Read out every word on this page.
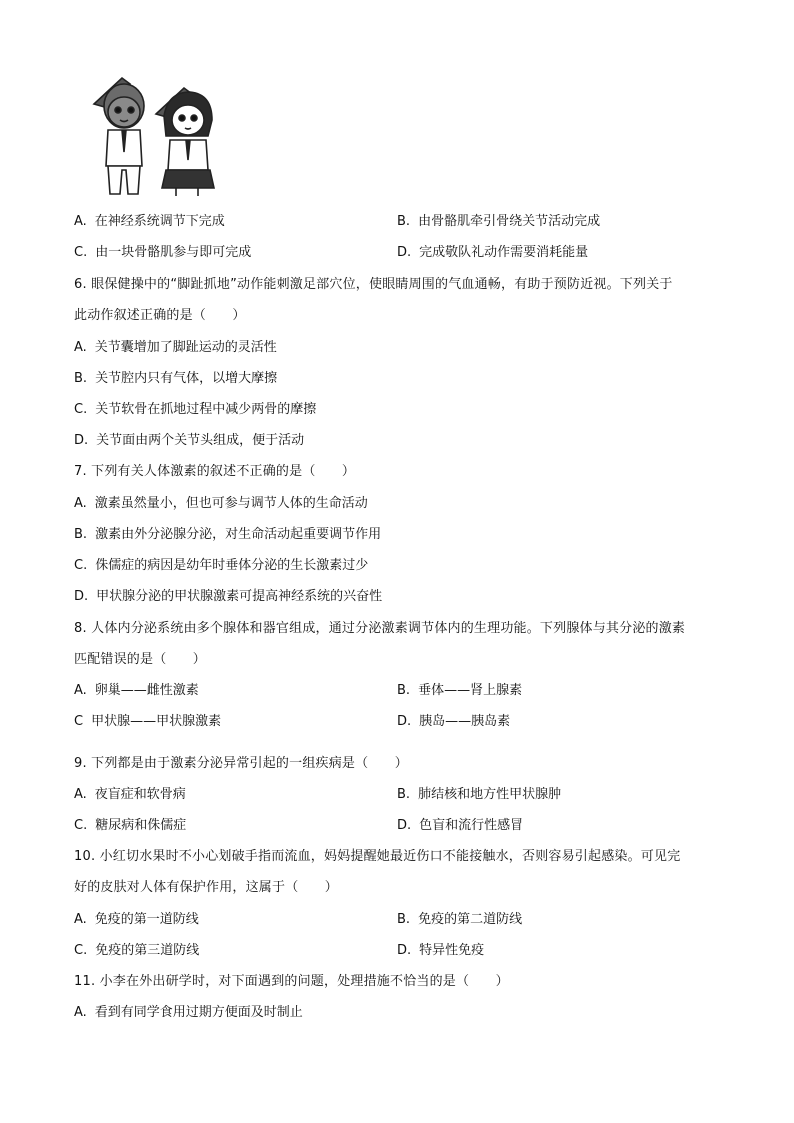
A. 在神经系统调节下完成	B. 由骨骼肌牵引骨绕关节活动完成
C. 由一块骨骼肌参与即可完成	D. 完成敬队礼动作需要消耗能量
6. 眼保健操中的“脚趾抓地”动作能刺激足部穴位，使眼睛周围的气血通畅，有助于预防近视。下列关于
此动作叙述正确的是（　　）
A. 关节囊增加了脚趾运动的灵活性
B. 关节腔内只有气体，以增大摩擦
C. 关节软骨在抓地过程中减少两骨的摩擦
D. 关节面由两个关节头组成，便于活动
7. 下列有关人体激素的叙述不正确的是（　　）
A. 激素虽然量小，但也可参与调节人体的生命活动
B. 激素由外分泌腺分泌，对生命活动起重要调节作用
C. 侏儒症的病因是幼年时垂体分泌的生长激素过少
D. 甲状腺分泌的甲状腺激素可提高神经系统的兴奋性
8. 人体内分泌系统由多个腺体和器官组成，通过分泌激素调节体内的生理功能。下列腺体与其分泌的激素
匹配错误的是（　　）
A. 卵巢——雌性激素	B. 垂体——肾上腺素
C 甲状腺——甲状腺激素	D. 胰岛——胰岛素
9. 下列都是由于激素分泌异常引起的一组疾病是（　　）
A. 夜盲症和软骨病	B. 肺结核和地方性甲状腺肿
C. 糖尿病和侏儒症	D. 色盲和流行性感冒
10. 小红切水果时不小心划破手指而流血，妈妈提醒她最近伤口不能接触水，否则容易引起感染。可见完
好的皮肤对人体有保护作用，这属于（　　）
A. 免疫的第一道防线	B. 免疫的第二道防线
C. 免疫的第三道防线	D. 特异性免疫
11. 小李在外出研学时，对下面遇到的问题，处理措施不恰当的是（　　）
A. 看到有同学食用过期方便面及时制止
